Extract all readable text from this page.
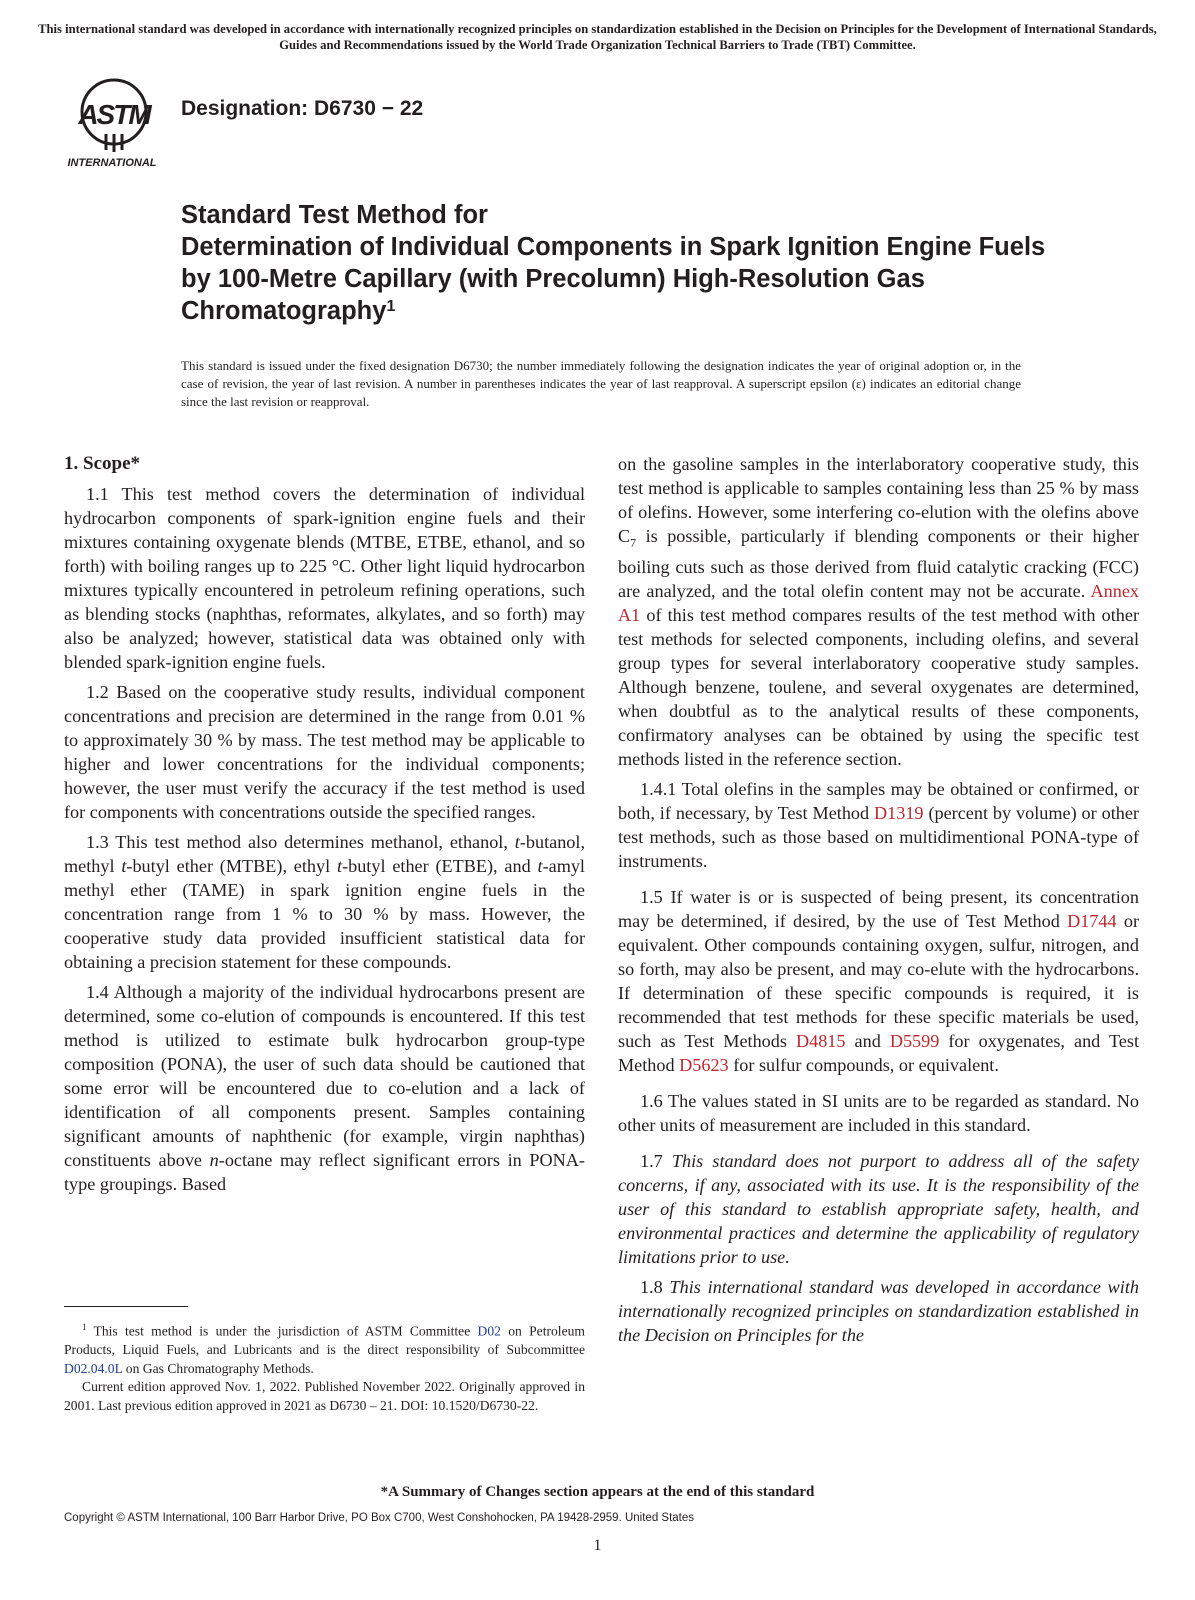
This international standard was developed in accordance with internationally recognized principles on standardization established in the Decision on Principles for the Development of International Standards, Guides and Recommendations issued by the World Trade Organization Technical Barriers to Trade (TBT) Committee.
ASTM
INTERNATIONAL
Designation: D6730 − 22
Standard Test Method for
Determination of Individual Components in Spark Ignition Engine Fuels by 100-Metre Capillary (with Precolumn) High-Resolution Gas Chromatography$^1$
This standard is issued under the fixed designation D6730; the number immediately following the designation indicates the year of original adoption or, in the case of revision, the year of last revision. A number in parentheses indicates the year of last reapproval. A superscript epsilon (ε) indicates an editorial change since the last revision or reapproval.
1. Scope*

1.1 This test method covers the determination of individual hydrocarbon components of spark-ignition engine fuels and their mixtures containing oxygenate blends (MTBE, ETBE, ethanol, and so forth) with boiling ranges up to 225 °C. Other light liquid hydrocarbon mixtures typically encountered in petroleum refining operations, such as blending stocks (naphthas, reformates, alkylates, and so forth) may also be analyzed; however, statistical data was obtained only with blended spark-ignition engine fuels.

1.2 Based on the cooperative study results, individual component concentrations and precision are determined in the range from 0.01 % to approximately 30 % by mass. The test method may be applicable to higher and lower concentrations for the individual components; however, the user must verify the accuracy if the test method is used for components with concentrations outside the specified ranges.

1.3 This test method also determines methanol, ethanol, t-butanol, methyl t-butyl ether (MTBE), ethyl t-butyl ether (ETBE), and t-amyl methyl ether (TAME) in spark ignition engine fuels in the concentration range from 1 % to 30 % by mass. However, the cooperative study data provided insufficient statistical data for obtaining a precision statement for these compounds.

1.4 Although a majority of the individual hydrocarbons present are determined, some co-elution of compounds is encountered. If this test method is utilized to estimate bulk hydrocarbon group-type composition (PONA), the user of such data should be cautioned that some error will be encountered due to co-elution and a lack of identification of all components present. Samples containing significant amounts of naphthenic (for example, virgin naphthas) constituents above n-octane may reflect significant errors in PONA-type groupings. Based

on the gasoline samples in the interlaboratory cooperative study, this test method is applicable to samples containing less than 25 % by mass of olefins. However, some interfering co-elution with the olefins above $C_7$ is possible, particularly if blending components or their higher boiling cuts such as those derived from fluid catalytic cracking (FCC) are analyzed, and the total olefin content may not be accurate. Annex A1 of this test method compares results of the test method with other test methods for selected components, including olefins, and several group types for several interlaboratory cooperative study samples. Although benzene, toulene, and several oxygenates are determined, when doubtful as to the analytical results of these components, confirmatory analyses can be obtained by using the specific test methods listed in the reference section.

1.4.1 Total olefins in the samples may be obtained or confirmed, or both, if necessary, by Test Method D1319 (percent by volume) or other test methods, such as those based on multidimentional PONA-type of instruments.

1.5 If water is or is suspected of being present, its concentration may be determined, if desired, by the use of Test Method D1744 or equivalent. Other compounds containing oxygen, sulfur, nitrogen, and so forth, may also be present, and may co-elute with the hydrocarbons. If determination of these specific compounds is required, it is recommended that test methods for these specific materials be used, such as Test Methods D4815 and D5599 for oxygenates, and Test Method D5623 for sulfur compounds, or equivalent.

1.6 The values stated in SI units are to be regarded as standard. No other units of measurement are included in this standard.

1.7 This standard does not purport to address all of the safety concerns, if any, associated with its use. It is the responsibility of the user of this standard to establish appropriate safety, health, and environmental practices and determine the applicability of regulatory limitations prior to use.

1.8 This international standard was developed in accordance with internationally recognized principles on standardization established in the Decision on Principles for the

$^1$ This test method is under the jurisdiction of ASTM Committee D02 on Petroleum Products, Liquid Fuels, and Lubricants and is the direct responsibility of Subcommittee D02.04.0L on Gas Chromatography Methods.

Current edition approved Nov. 1, 2022. Published November 2022. Originally approved in 2001. Last previous edition approved in 2021 as D6730 – 21. DOI: 10.1520/D6730-22.

*A Summary of Changes section appears at the end of this standard
Copyright © ASTM International, 100 Barr Harbor Drive, PO Box C700, West Conshohocken, PA 19428-2959. United States
1
